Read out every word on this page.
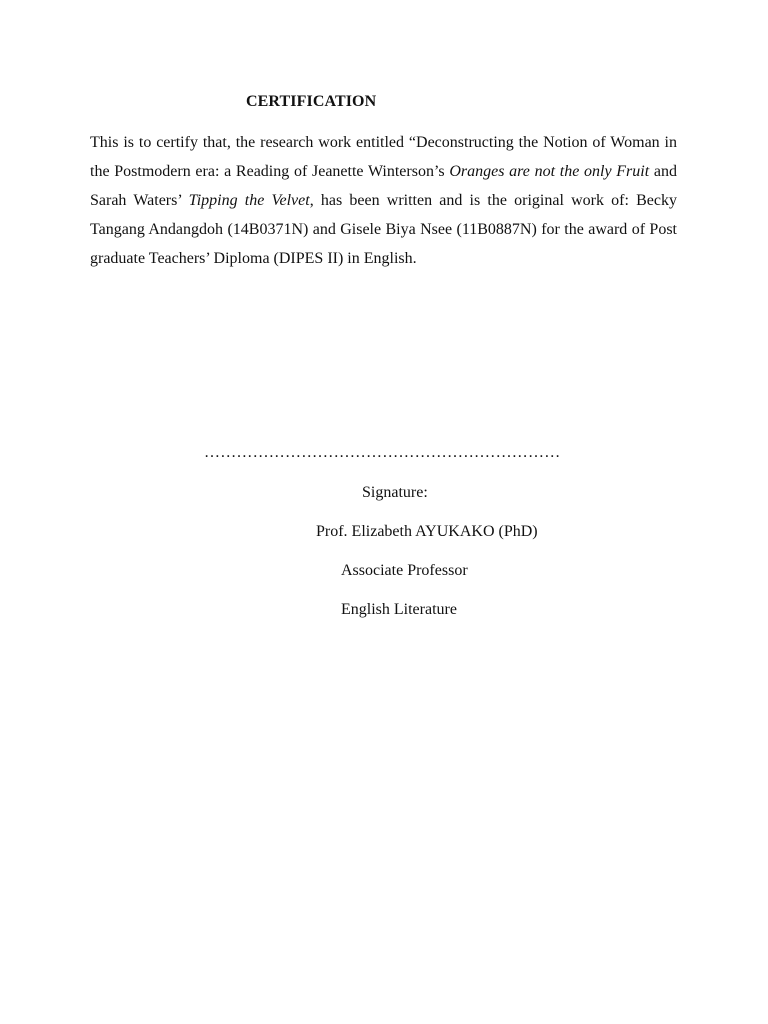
CERTIFICATION
This is to certify that, the research work entitled “Deconstructing the Notion of Woman in the Postmodern era: a Reading of Jeanette Winterson’s Oranges are not the only Fruit and Sarah Waters’ Tipping the Velvet, has been written and is the original work of: Becky Tangang Andangdoh (14B0371N) and Gisele Biya Nsee (11B0887N) for the award of Post graduate Teachers’ Diploma (DIPES II) in English.
…………………………………………………………
Signature:
Prof. Elizabeth AYUKAKO (PhD)
Associate Professor
English Literature
